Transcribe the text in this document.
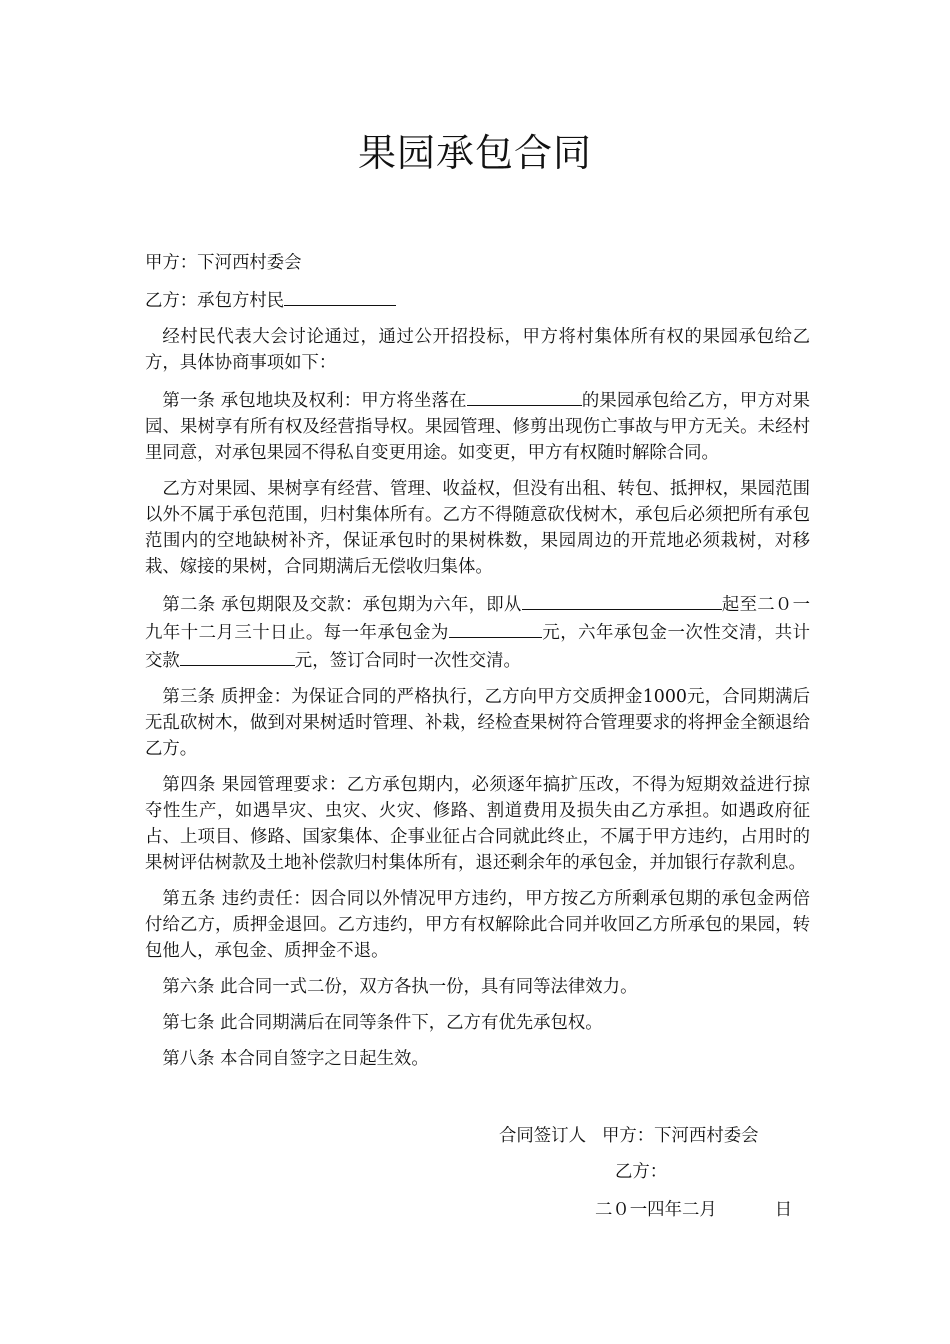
果园承包合同
甲方：下河西村委会
乙方：承包方村民
经村民代表大会讨论通过，通过公开招投标，甲方将村集体所有权的果园承包给乙方，具体协商事项如下：
第一条 承包地块及权利：甲方将坐落在	的果园承包给乙方，甲方对果园、果树享有所有权及经营指导权。果园管理、修剪出现伤亡事故与甲方无关。未经村里同意，对承包果园不得私自变更用途。如变更，甲方有权随时解除合同。
乙方对果园、果树享有经营、管理、收益权，但没有出租、转包、抵押权，果园范围以外不属于承包范围，归村集体所有。乙方不得随意砍伐树木，承包后必须把所有承包范围内的空地缺树补齐，保证承包时的果树株数，果园周边的开荒地必须栽树，对移栽、嫁接的果树，合同期满后无偿收归集体。
第二条 承包期限及交款：承包期为六年，即从	起至二０一九年十二月三十日止。每一年承包金为	元，六年承包金一次性交清，共计交款	元，签订合同时一次性交清。
第三条 质押金：为保证合同的严格执行，乙方向甲方交质押金1000元，合同期满后无乱砍树木，做到对果树适时管理、补栽，经检查果树符合管理要求的将押金全额退给乙方。
第四条 果园管理要求：乙方承包期内，必须逐年搞扩压改，不得为短期效益进行掠夺性生产，如遇旱灾、虫灾、火灾、修路、割道费用及损失由乙方承担。如遇政府征占、上项目、修路、国家集体、企事业征占合同就此终止，不属于甲方违约，占用时的果树评估树款及土地补偿款归村集体所有，退还剩余年的承包金，并加银行存款利息。
第五条 违约责任：因合同以外情况甲方违约，甲方按乙方所剩承包期的承包金两倍付给乙方，质押金退回。乙方违约，甲方有权解除此合同并收回乙方所承包的果园，转包他人，承包金、质押金不退。
第六条 此合同一式二份，双方各执一份，具有同等法律效力。
第七条 此合同期满后在同等条件下，乙方有优先承包权。
第八条 本合同自签字之日起生效。
合同签订人 甲方：下河西村委会
乙方：
二０一四年二月	日
